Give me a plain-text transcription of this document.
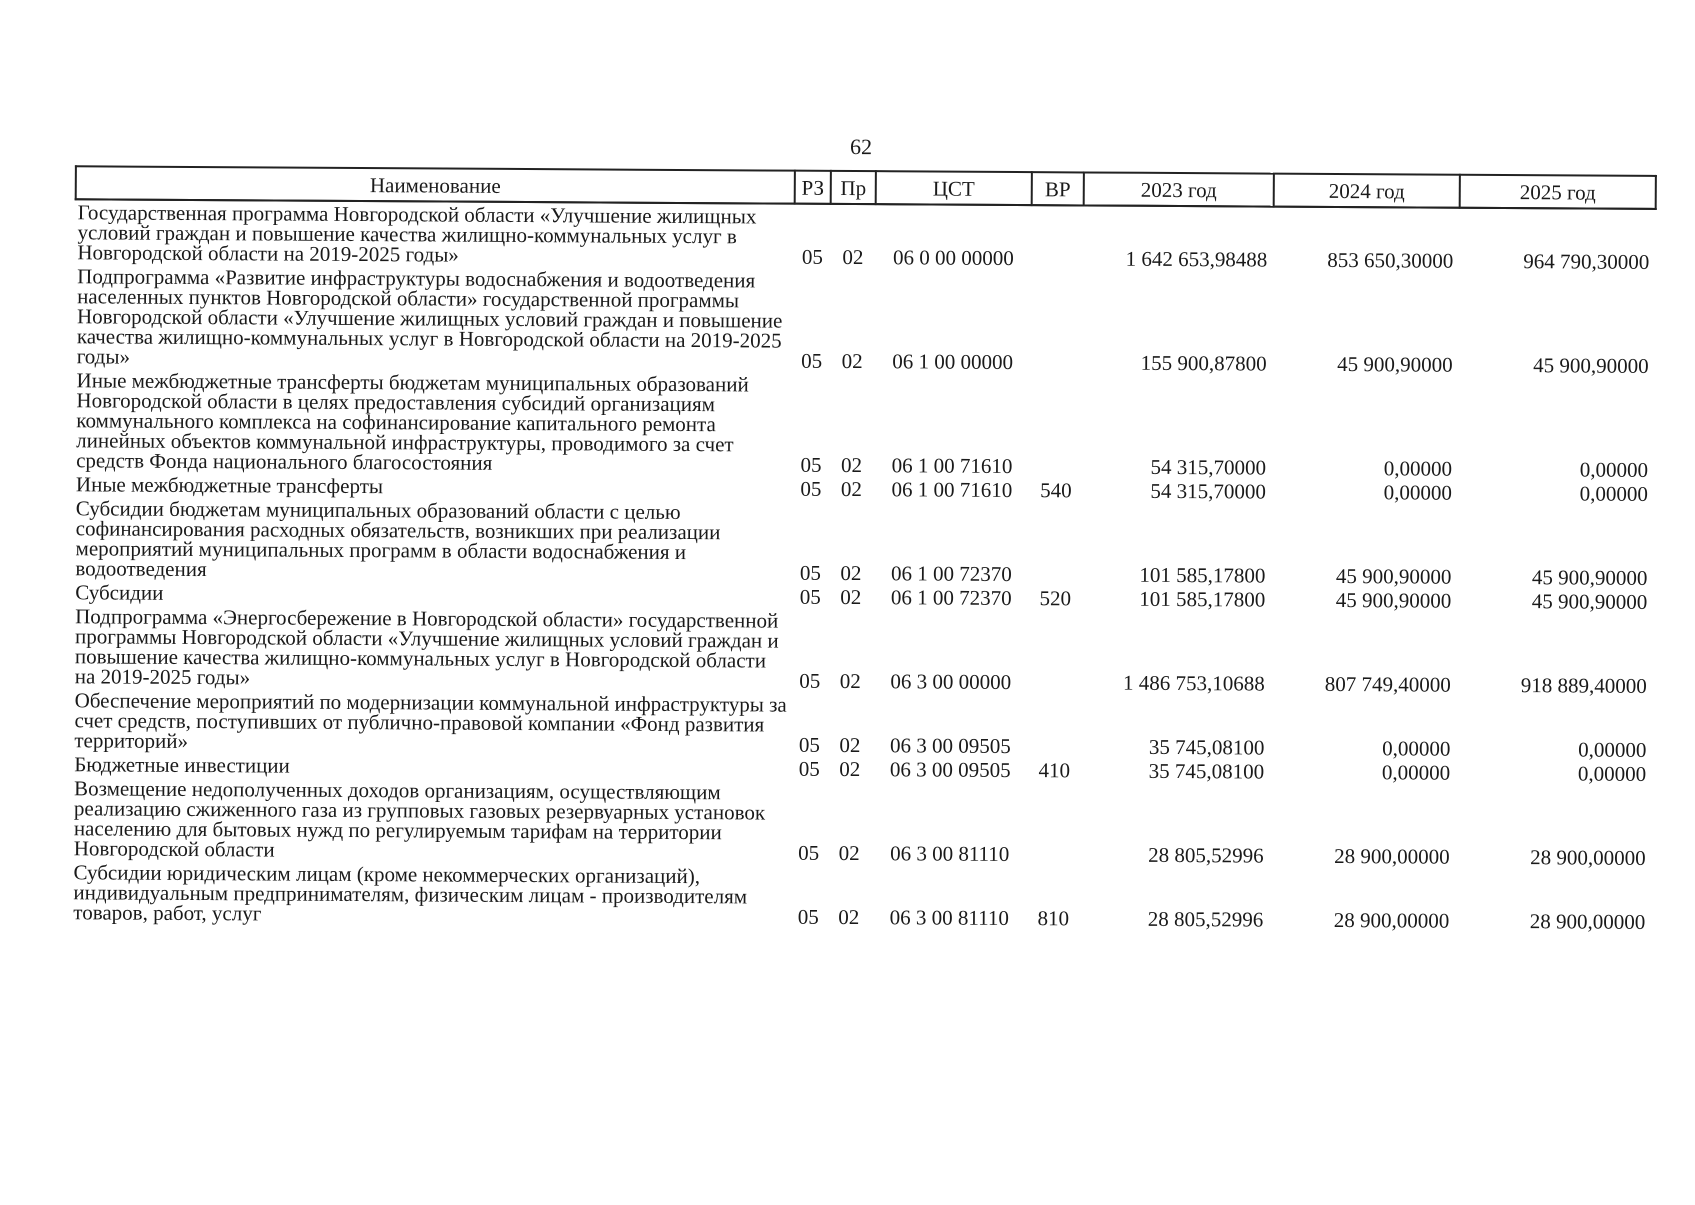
62
Наименование	РЗ	Пр	ЦСТ	ВР	2023 год	2024 год	2025 год
Государственная программа Новгородской области «Улучшение жилищных условий граждан и повышение качества жилищно-коммунальных услуг в Новгородской области на 2019-2025 годы»	05	02	06 0 00 00000		1 642 653,98488	853 650,30000	964 790,30000
Подпрограмма «Развитие инфраструктуры водоснабжения и водоотведения населенных пунктов Новгородской области» государственной программы Новгородской области «Улучшение жилищных условий граждан и повышение качества жилищно-коммунальных услуг в Новгородской области на 2019-2025 годы»	05	02	06 1 00 00000		155 900,87800	45 900,90000	45 900,90000
Иные межбюджетные трансферты бюджетам муниципальных образований Новгородской области в целях предоставления субсидий организациям коммунального комплекса на софинансирование капитального ремонта линейных объектов коммунальной инфраструктуры, проводимого за счет средств Фонда национального благосостояния	05	02	06 1 00 71610		54 315,70000	0,00000	0,00000
Иные межбюджетные трансферты	05	02	06 1 00 71610	540	54 315,70000	0,00000	0,00000
Субсидии бюджетам муниципальных образований области с целью софинансирования расходных обязательств, возникших при реализации мероприятий муниципальных программ в области водоснабжения и водоотведения	05	02	06 1 00 72370		101 585,17800	45 900,90000	45 900,90000
Субсидии	05	02	06 1 00 72370	520	101 585,17800	45 900,90000	45 900,90000
Подпрограмма «Энергосбережение в Новгородской области» государственной программы Новгородской области «Улучшение жилищных условий граждан и повышение качества жилищно-коммунальных услуг в Новгородской области на 2019-2025 годы»	05	02	06 3 00 00000		1 486 753,10688	807 749,40000	918 889,40000
Обеспечение мероприятий по модернизации коммунальной инфраструктуры за счет средств, поступивших от публично-правовой компании «Фонд развития территорий»	05	02	06 3 00 09505		35 745,08100	0,00000	0,00000
Бюджетные инвестиции	05	02	06 3 00 09505	410	35 745,08100	0,00000	0,00000
Возмещение недополученных доходов организациям, осуществляющим реализацию сжиженного газа из групповых газовых резервуарных установок населению для бытовых нужд по регулируемым тарифам на территории Новгородской области	05	02	06 3 00 81110		28 805,52996	28 900,00000	28 900,00000
Субсидии юридическим лицам (кроме некоммерческих организаций), индивидуальным предпринимателям, физическим лицам - производителям товаров, работ, услуг	05	02	06 3 00 81110	810	28 805,52996	28 900,00000	28 900,00000
